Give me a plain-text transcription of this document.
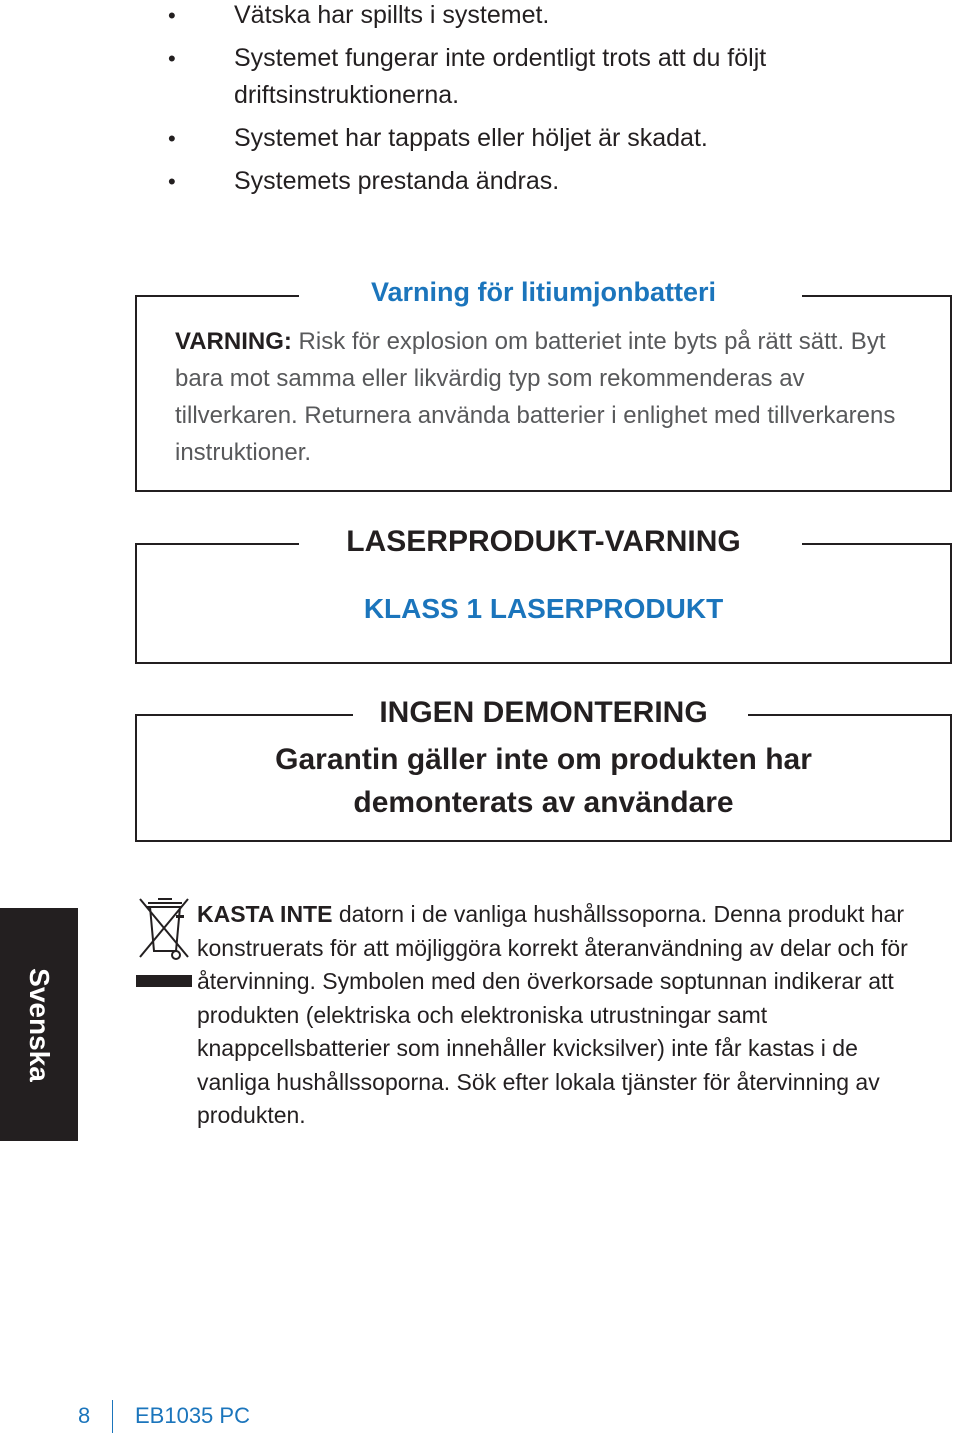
• Vätska har spillts i systemet.
• Systemet fungerar inte ordentligt trots att du följt driftsinstruktionerna.
• Systemet har tappats eller höljet är skadat.
• Systemets prestanda ändras.
Varning för litiumjonbatteri
VARNING: Risk för explosion om batteriet inte byts på rätt sätt. Byt bara mot samma eller likvärdig typ som rekommenderas av tillverkaren. Returnera använda batterier i enlighet med tillverkarens instruktioner.
LASERPRODUKT-VARNING
KLASS 1 LASERPRODUKT
INGEN DEMONTERING
Garantin gäller inte om produkten har
demonterats av användare
Svenska
KASTA INTE datorn i de vanliga hushållssoporna. Denna produkt har konstruerats för att möjliggöra korrekt återanvändning av delar och för återvinning. Symbolen med den överkorsade soptunnan indikerar att produkten (elektriska och elektroniska utrustningar samt knappcellsbatterier som innehåller kvicksilver) inte får kastas i de vanliga hushållssoporna. Sök efter lokala tjänster för återvinning av produkten.
8 EB1035 PC
